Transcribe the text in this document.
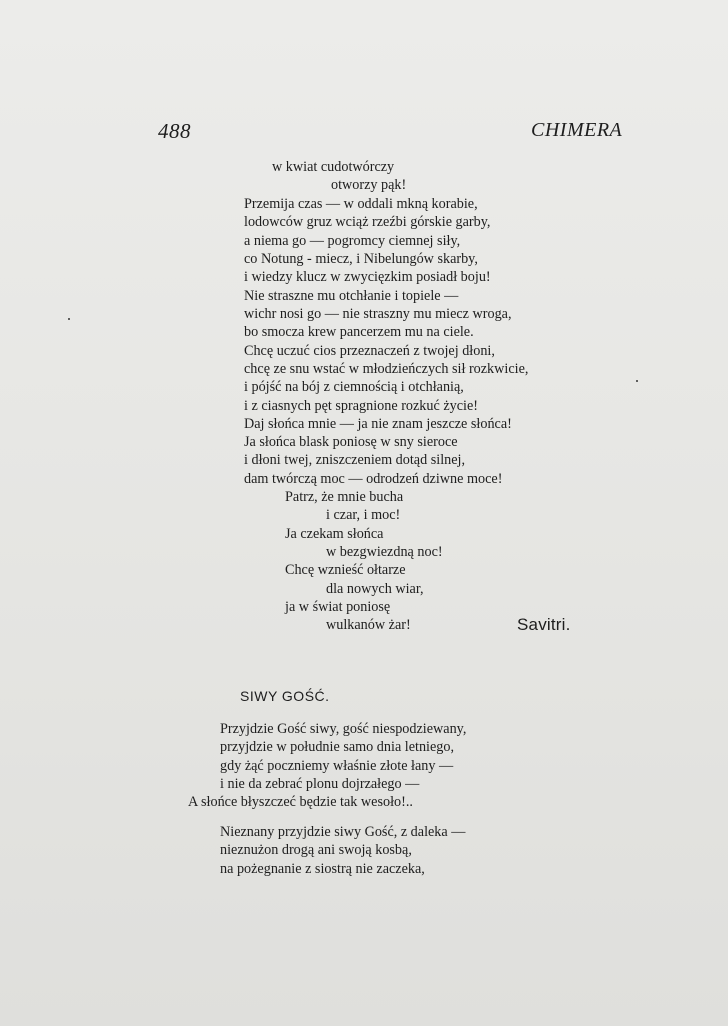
488	CHIMERA
w kwiat cudotwórczy
otworzy pąk!
Przemija czas — w oddali mkną korabie,
lodowców gruz wciąż rzeźbi górskie garby,
a niema go — pogromcy ciemnej siły,
co Notung - miecz, i Nibelungów skarby,
i wiedzy klucz w zwycięzkim posiadł boju!
Nie straszne mu otchłanie i topiele —
wichr nosi go — nie straszny mu miecz wroga,
bo smocza krew pancerzem mu na ciele.
Chcę uczuć cios przeznaczeń z twojej dłoni,
chcę ze snu wstać w młodzieńczych sił rozkwicie,
i pójść na bój z ciemnością i otchłanią,
i z ciasnych pęt spragnione rozkuć życie!
Daj słońca mnie — ja nie znam jeszcze słońca!
Ja słońca blask poniosę w sny sieroce
i dłoni twej, zniszczeniem dotąd silnej,
dam twórczą moc — odrodzeń dziwne moce!
Patrz, że mnie bucha
i czar, i moc!
Ja czekam słońca
w bezgwiezdną noc!
Chcę wznieść ołtarze
dla nowych wiar,
ja w świat poniosę
wulkanów żar!	Savitri.
SIWY GOŚĆ.
Przyjdzie Gość siwy, gość niespodziewany,
przyjdzie w południe samo dnia letniego,
gdy żąć poczniemy właśnie złote łany —
i nie da zebrać plonu dojrzałego —
A słońce błyszczeć będzie tak wesoło!..
Nieznany przyjdzie siwy Gość, z daleka —
nieznużon drogą ani swoją kosbą,
na pożegnanie z siostrą nie zaczeka,
